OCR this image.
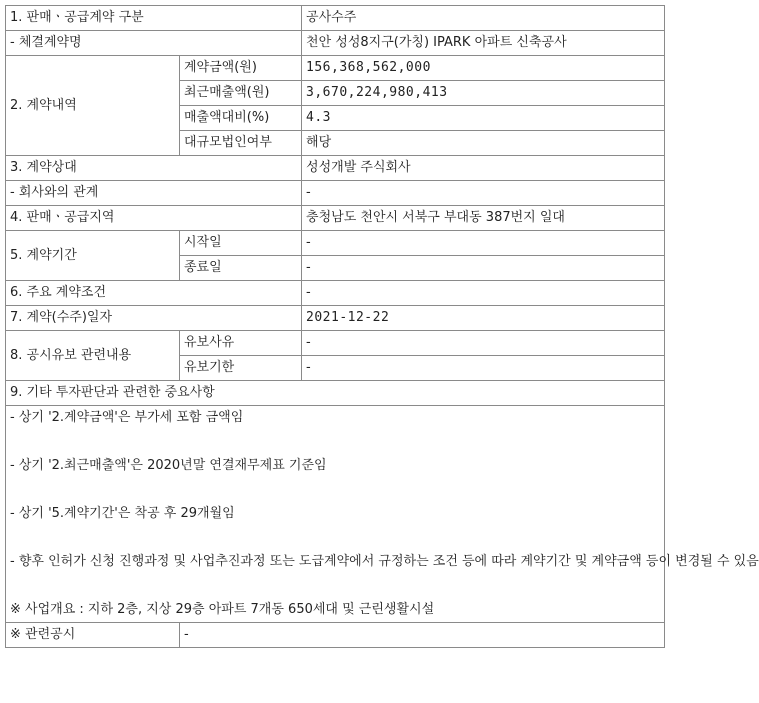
1. 판매ㆍ공급계약 구분		공사수주
- 체결계약명		천안 성성8지구(가칭) IPARK 아파트 신축공사
2. 계약내역	계약금액(원)	156,368,562,000
	최근매출액(원)	3,670,224,980,413
	매출액대비(%)	4.3
	대규모법인여부	해당
3. 계약상대		성성개발 주식회사
- 회사와의 관계		-
4. 판매ㆍ공급지역		충청남도 천안시 서북구 부대동 387번지 일대
5. 계약기간	시작일	-
	종료일	-
6. 주요 계약조건		-
7. 계약(수주)일자		2021-12-22
8. 공시유보 관련내용	유보사유	-
	유보기한	-
9. 기타 투자판단과 관련한 중요사항		

- 상기 '2.계약금액'은 부가세 포함 금액임

- 상기 '2.최근매출액'은 2020년말 연결재무제표 기준임

- 상기 '5.계약기간'은 착공 후 29개월임

- 향후 인허가 신청 진행과정 및 사업추진과정 또는 도급계약에서 규정하는 조건 등에 따라 계약기간 및 계약금액 등이 변경될 수 있음

※ 사업개요 : 지하 2층, 지상 29층 아파트 7개동 650세대 및 근린생활시설		

※ 관련공시	-	
